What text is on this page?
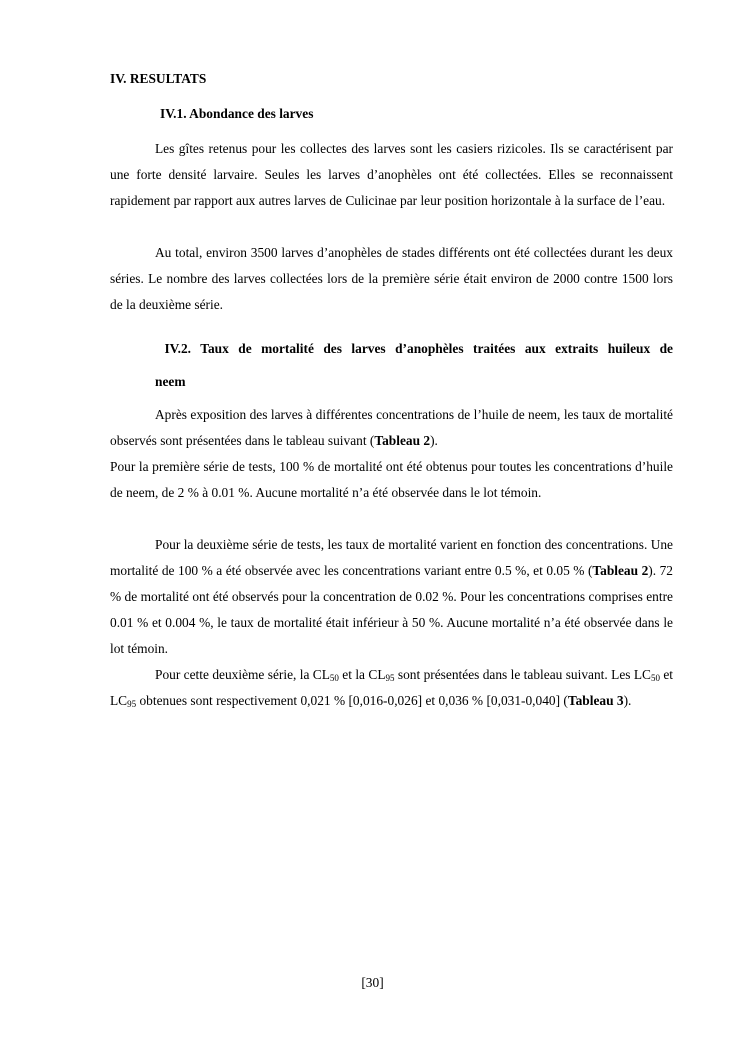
IV. RESULTATS
IV.1. Abondance des larves

Les gîtes retenus pour les collectes des larves sont les casiers rizicoles. Ils se caractérisent par une forte densité larvaire. Seules les larves d’anophèles ont été collectées. Elles se reconnaissent rapidement par rapport aux autres larves de Culicinae par leur position horizontale à la surface de l’eau.

Au total, environ 3500 larves d’anophèles de stades différents ont été collectées durant les deux séries. Le nombre des larves collectées lors de la première série était environ de 2000 contre 1500 lors de la deuxième série.

IV.2. Taux de mortalité des larves d’anophèles traitées aux extraits huileux de
neem

Après exposition des larves à différentes concentrations de l’huile de neem, les taux de mortalité observés sont présentées dans le tableau suivant (Tableau 2).

Pour la première série de tests, 100 % de mortalité ont été obtenus pour toutes les concentrations d’huile de neem, de 2 % à 0.01 %. Aucune mortalité n’a été observée dans le lot témoin.

Pour la deuxième série de tests, les taux de mortalité varient en fonction des concentrations. Une mortalité de 100 % a été observée avec les concentrations variant entre 0.5 %, et 0.05 % (Tableau 2). 72 % de mortalité ont été observés pour la concentration de 0.02 %. Pour les concentrations comprises entre 0.01 % et 0.004 %, le taux de mortalité était inférieur à 50 %. Aucune mortalité n’a été observée dans le lot témoin.

Pour cette deuxième série, la $CL_{50}$ et la $CL_{95}$ sont présentées dans le tableau suivant. Les $LC_{50}$ et $LC_{95}$ obtenues sont respectivement 0,021 % [0,016-0,026] et 0,036 % [0,031-0,040] (Tableau 3).

[30]
